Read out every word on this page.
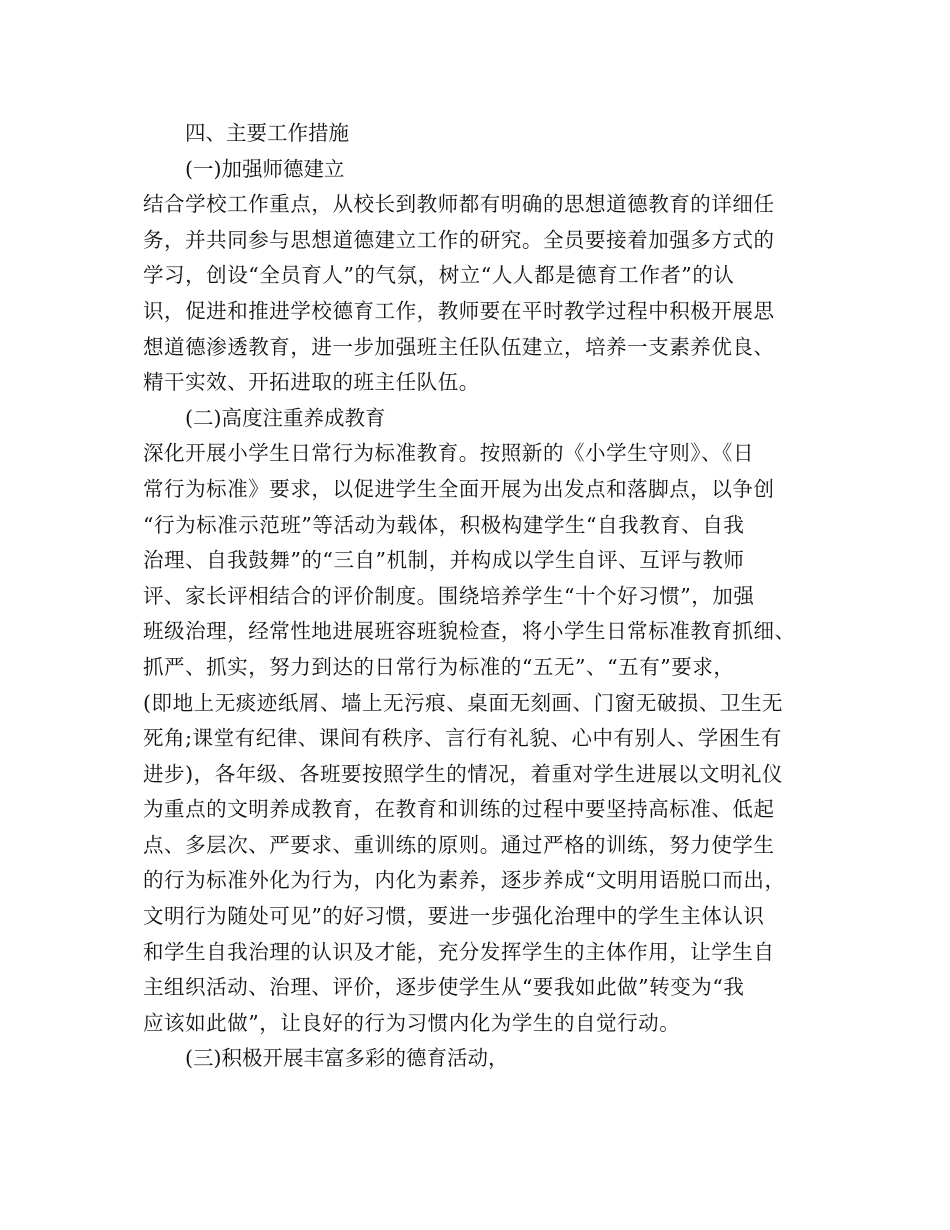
四、主要工作措施
(一)加强师德建立
结合学校工作重点，从校长到教师都有明确的思想道德教育的详细任
务，并共同参与思想道德建立工作的研究。全员要接着加强多方式的
学习，创设“全员育人”的气氛，树立“人人都是德育工作者”的认
识，促进和推进学校德育工作，教师要在平时教学过程中积极开展思
想道德渗透教育，进一步加强班主任队伍建立，培养一支素养优良、
精干实效、开拓进取的班主任队伍。
(二)高度注重养成教育
深化开展小学生日常行为标准教育。按照新的《小学生守则》、《日
常行为标准》要求，以促进学生全面开展为出发点和落脚点，以争创
“行为标准示范班”等活动为载体，积极构建学生“自我教育、自我
治理、自我鼓舞”的“三自”机制，并构成以学生自评、互评与教师
评、家长评相结合的评价制度。围绕培养学生“十个好习惯”，加强
班级治理，经常性地进展班容班貌检查，将小学生日常标准教育抓细、
抓严、抓实，努力到达的日常行为标准的“五无”、“五有”要求，
(即地上无痰迹纸屑、墙上无污痕、桌面无刻画、门窗无破损、卫生无
死角;课堂有纪律、课间有秩序、言行有礼貌、心中有别人、学困生有
进步)，各年级、各班要按照学生的情况，着重对学生进展以文明礼仪
为重点的文明养成教育，在教育和训练的过程中要坚持高标准、低起
点、多层次、严要求、重训练的原则。通过严格的训练，努力使学生
的行为标准外化为行为，内化为素养，逐步养成“文明用语脱口而出，
文明行为随处可见”的好习惯，要进一步强化治理中的学生主体认识
和学生自我治理的认识及才能，充分发挥学生的主体作用，让学生自
主组织活动、治理、评价，逐步使学生从“要我如此做”转变为“我
应该如此做”，让良好的行为习惯内化为学生的自觉行动。
(三)积极开展丰富多彩的德育活动，
